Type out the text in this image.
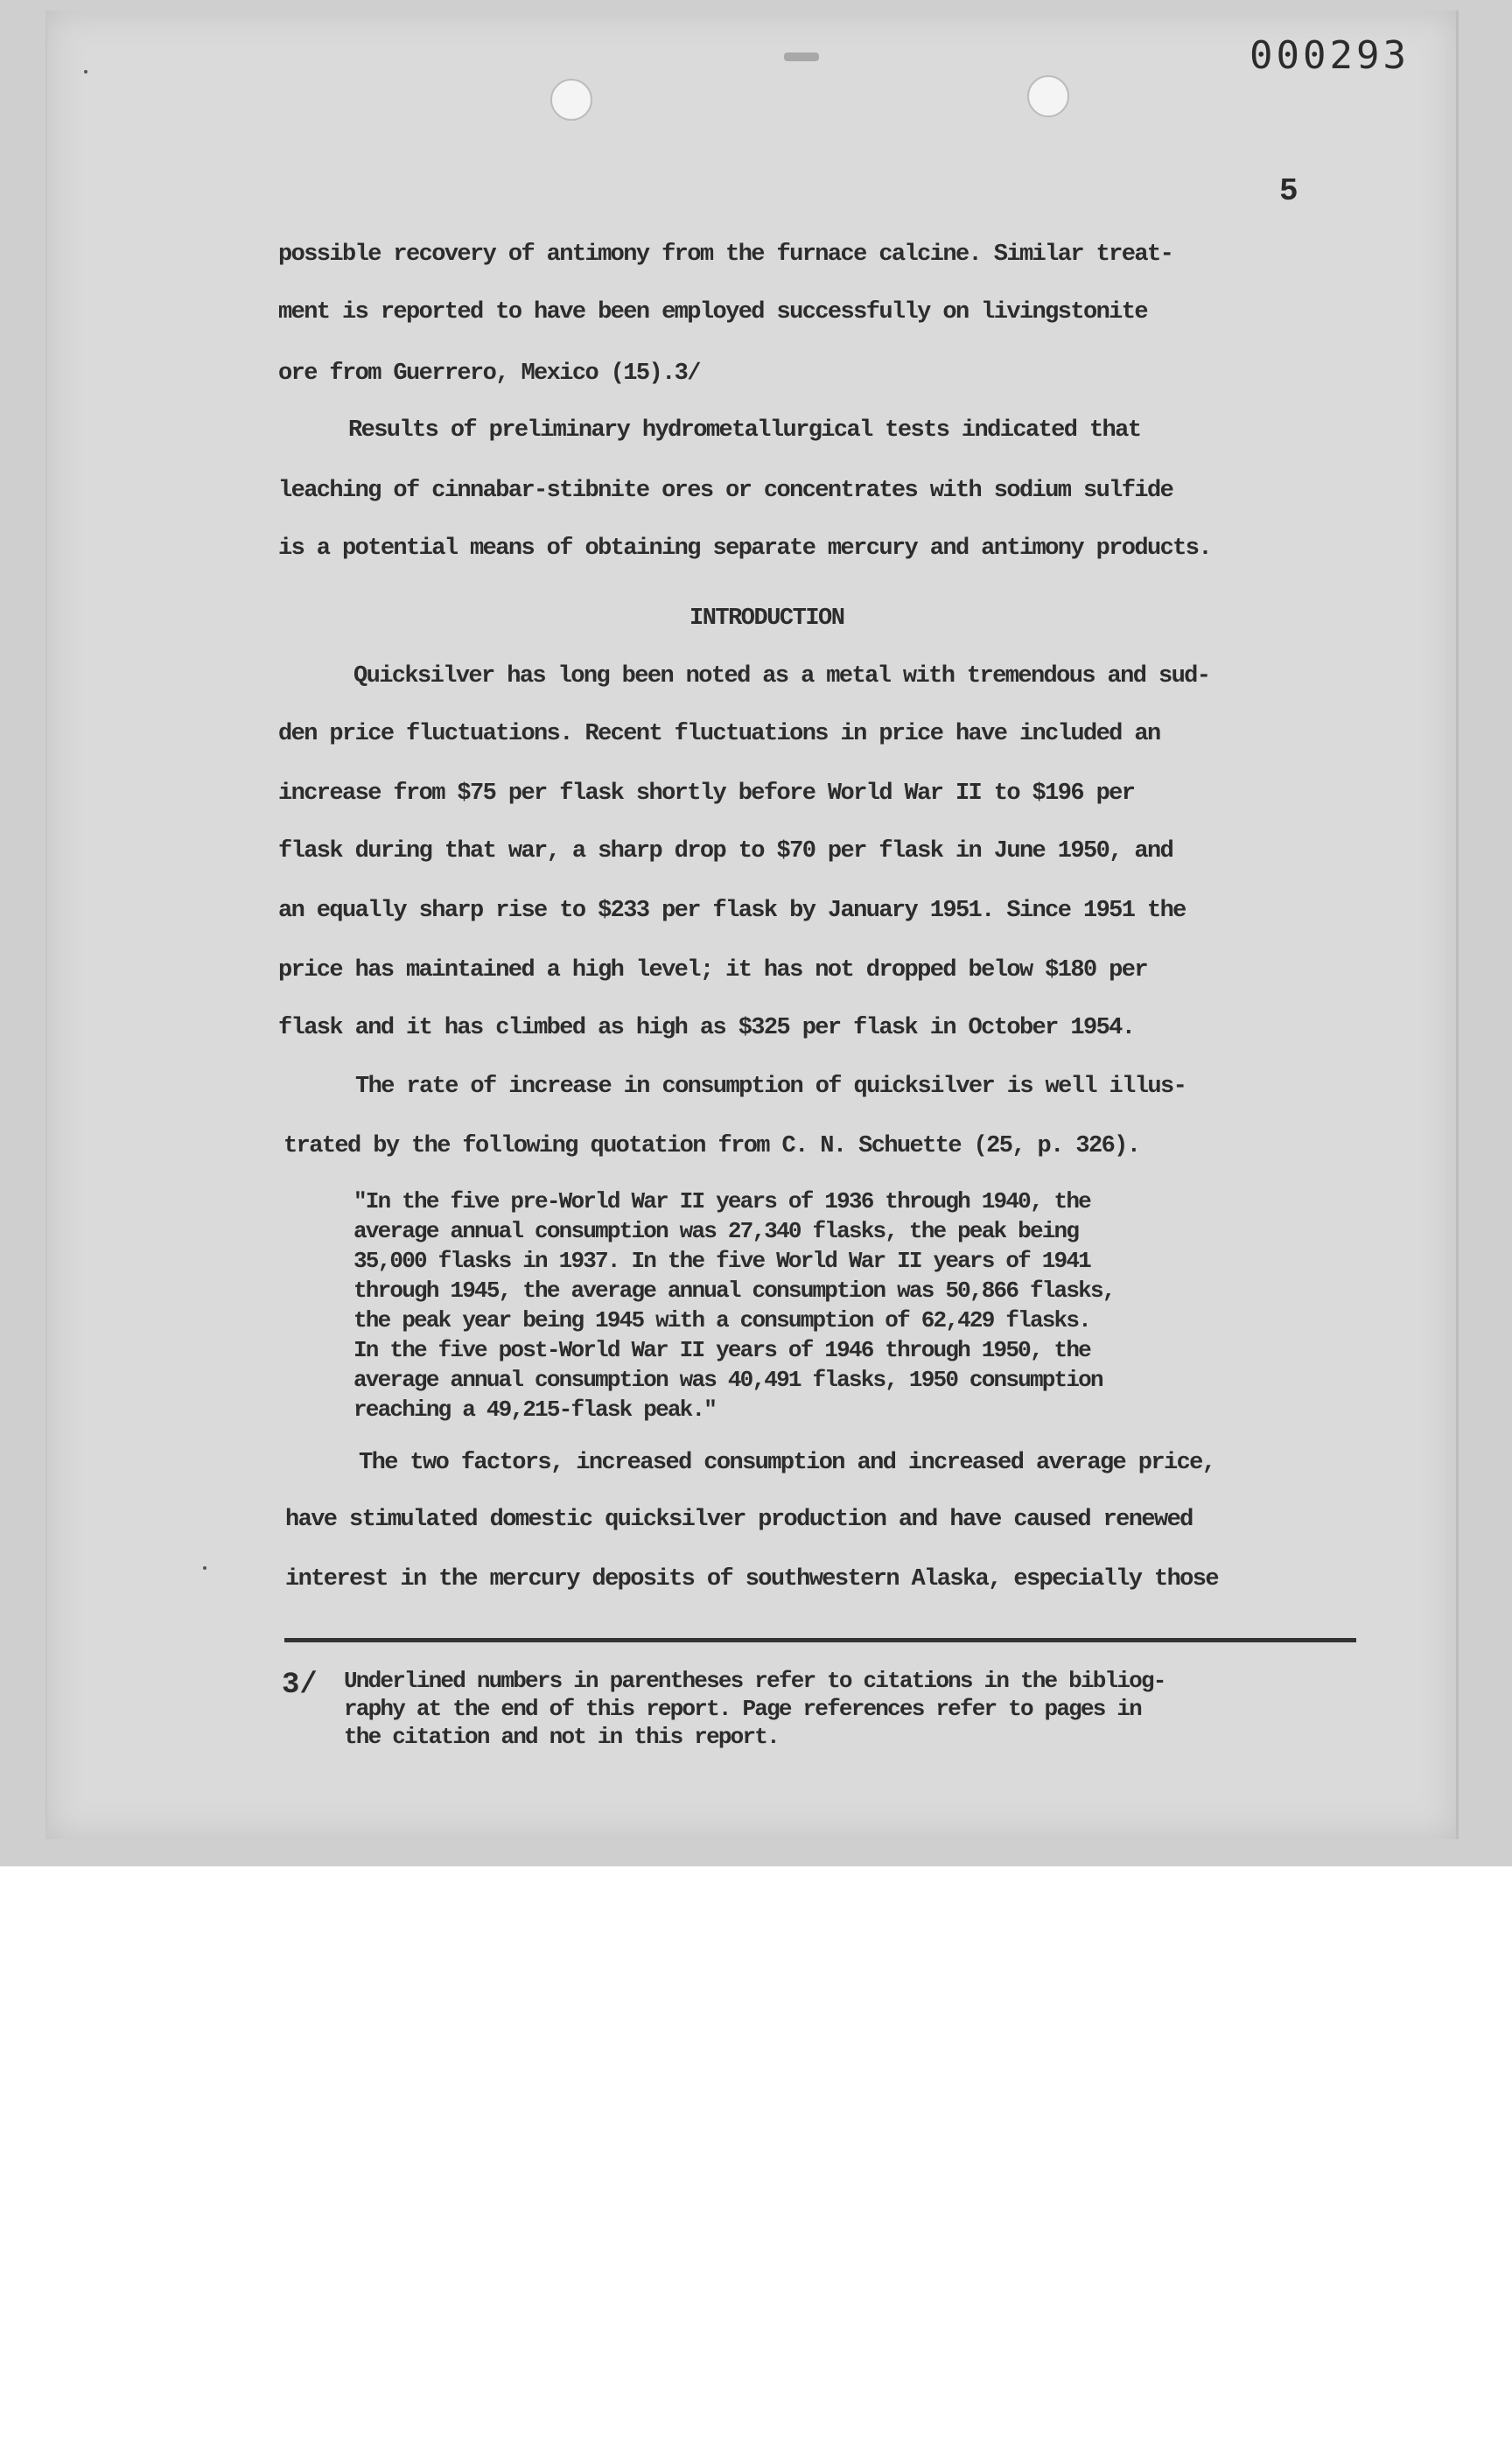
000293
5
possible recovery of antimony from the furnace calcine. Similar treat-
ment is reported to have been employed successfully on livingstonite
ore from Guerrero, Mexico (15).3/
Results of preliminary hydrometallurgical tests indicated that
leaching of cinnabar-stibnite ores or concentrates with sodium sulfide
is a potential means of obtaining separate mercury and antimony products.
INTRODUCTION
Quicksilver has long been noted as a metal with tremendous and sud-
den price fluctuations. Recent fluctuations in price have included an
increase from $75 per flask shortly before World War II to $196 per
flask during that war, a sharp drop to $70 per flask in June 1950, and
an equally sharp rise to $233 per flask by January 1951. Since 1951 the
price has maintained a high level; it has not dropped below $180 per
flask and it has climbed as high as $325 per flask in October 1954.
The rate of increase in consumption of quicksilver is well illus-
trated by the following quotation from C. N. Schuette (25, p. 326).
"In the five pre-World War II years of 1936 through 1940, the
average annual consumption was 27,340 flasks, the peak being
35,000 flasks in 1937. In the five World War II years of 1941
through 1945, the average annual consumption was 50,866 flasks,
the peak year being 1945 with a consumption of 62,429 flasks.
In the five post-World War II years of 1946 through 1950, the
average annual consumption was 40,491 flasks, 1950 consumption
reaching a 49,215-flask peak."
The two factors, increased consumption and increased average price,
have stimulated domestic quicksilver production and have caused renewed
interest in the mercury deposits of southwestern Alaska, especially those
3/ Underlined numbers in parentheses refer to citations in the bibliog-
raphy at the end of this report. Page references refer to pages in
the citation and not in this report.
